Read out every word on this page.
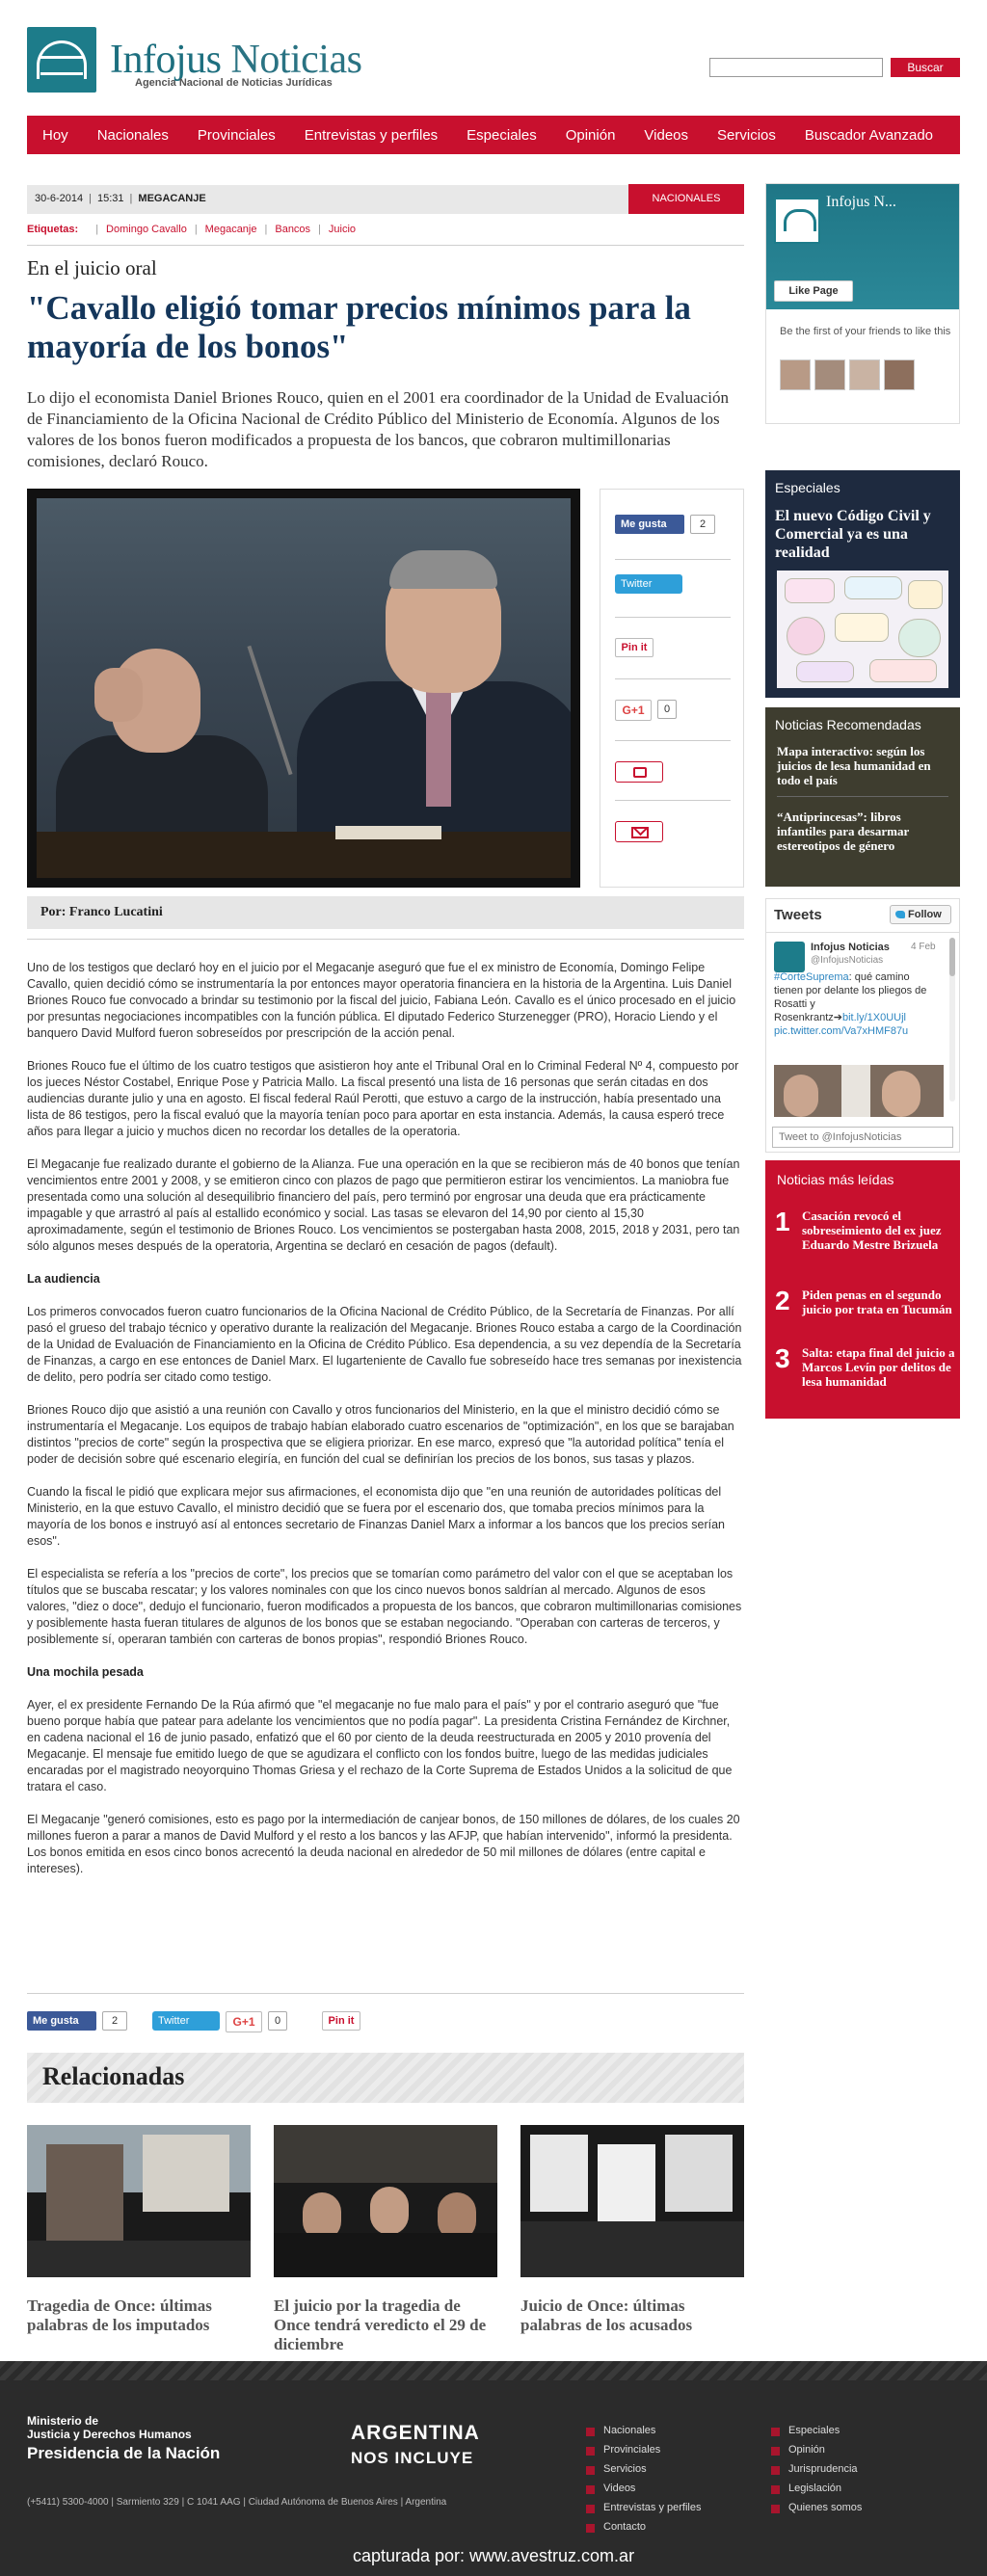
Infojus Noticias
Agencia Nacional de Noticias Jurídicas
Buscar
Hoy Nacionales Provinciales Entrevistas y perfiles Especiales Opinión Videos Servicios Buscador Avanzado
30-6-2014 | 15:31 | MEGACANJE	NACIONALES
Etiquetas: | Domingo Cavallo | Megacanje | Bancos | Juicio
En el juicio oral
"Cavallo eligió tomar precios mínimos para la mayoría de los bonos"
Lo dijo el economista Daniel Briones Rouco, quien en el 2001 era coordinador de la Unidad de Evaluación de Financiamiento de la Oficina Nacional de Crédito Público del Ministerio de Economía. Algunos de los valores de los bonos fueron modificados a propuesta de los bancos, que cobraron multimillonarias comisiones, declaró Rouco.
Me gusta	2
Twitter
Pin it
G+1	0
Por: Franco Lucatini

Uno de los testigos que declaró hoy en el juicio por el Megacanje aseguró que fue el ex ministro de Economía, Domingo Felipe Cavallo, quien decidió cómo se instrumentaría la por entonces mayor operatoria financiera en la historia de la Argentina. Luis Daniel Briones Rouco fue convocado a brindar su testimonio por la fiscal del juicio, Fabiana León. Cavallo es el único procesado en el juicio por presuntas negociaciones incompatibles con la función pública. El diputado Federico Sturzenegger (PRO), Horacio Liendo y el banquero David Mulford fueron sobreseídos por prescripción de la acción penal.

Briones Rouco fue el último de los cuatro testigos que asistieron hoy ante el Tribunal Oral en lo Criminal Federal Nº 4, compuesto por los jueces Néstor Costabel, Enrique Pose y Patricia Mallo. La fiscal presentó una lista de 16 personas que serán citadas en dos audiencias durante julio y una en agosto. El fiscal federal Raúl Perotti, que estuvo a cargo de la instrucción, había presentado una lista de 86 testigos, pero la fiscal evaluó que la mayoría tenían poco para aportar en esta instancia. Además, la causa esperó trece años para llegar a juicio y muchos dicen no recordar los detalles de la operatoria.

El Megacanje fue realizado durante el gobierno de la Alianza. Fue una operación en la que se recibieron más de 40 bonos que tenían vencimientos entre 2001 y 2008, y se emitieron cinco con plazos de pago que permitieron estirar los vencimientos. La maniobra fue presentada como una solución al desequilibrio financiero del país, pero terminó por engrosar una deuda que era prácticamente impagable y que arrastró al país al estallido económico y social. Las tasas se elevaron del 14,90 por ciento al 15,30 aproximadamente, según el testimonio de Briones Rouco. Los vencimientos se postergaban hasta 2008, 2015, 2018 y 2031, pero tan sólo algunos meses después de la operatoria, Argentina se declaró en cesación de pagos (default).

La audiencia

Los primeros convocados fueron cuatro funcionarios de la Oficina Nacional de Crédito Público, de la Secretaría de Finanzas. Por allí pasó el grueso del trabajo técnico y operativo durante la realización del Megacanje. Briones Rouco estaba a cargo de la Coordinación de la Unidad de Evaluación de Financiamiento en la Oficina de Crédito Público. Esa dependencia, a su vez dependía de la Secretaría de Finanzas, a cargo en ese entonces de Daniel Marx. El lugarteniente de Cavallo fue sobreseído hace tres semanas por inexistencia de delito, pero podría ser citado como testigo.

Briones Rouco dijo que asistió a una reunión con Cavallo y otros funcionarios del Ministerio, en la que el ministro decidió cómo se instrumentaría el Megacanje. Los equipos de trabajo habían elaborado cuatro escenarios de "optimización", en los que se barajaban distintos "precios de corte" según la prospectiva que se eligiera priorizar. En ese marco, expresó que "la autoridad política" tenía el poder de decisión sobre qué escenario elegiría, en función del cual se definirían los precios de los bonos, sus tasas y plazos.

Cuando la fiscal le pidió que explicara mejor sus afirmaciones, el economista dijo que "en una reunión de autoridades políticas del Ministerio, en la que estuvo Cavallo, el ministro decidió que se fuera por el escenario dos, que tomaba precios mínimos para la mayoría de los bonos e instruyó así al entonces secretario de Finanzas Daniel Marx a informar a los bancos que los precios serían esos".

El especialista se refería a los "precios de corte", los precios que se tomarían como parámetro del valor con el que se aceptaban los títulos que se buscaba rescatar; y los valores nominales con que los cinco nuevos bonos saldrían al mercado. Algunos de esos valores, "diez o doce", dedujo el funcionario, fueron modificados a propuesta de los bancos, que cobraron multimillonarias comisiones y posiblemente hasta fueran titulares de algunos de los bonos que se estaban negociando. "Operaban con carteras de terceros, y posiblemente sí, operaran también con carteras de bonos propias", respondió Briones Rouco.

Una mochila pesada

Ayer, el ex presidente Fernando De la Rúa afirmó que "el megacanje no fue malo para el país" y por el contrario aseguró que "fue bueno porque había que patear para adelante los vencimientos que no podía pagar". La presidenta Cristina Fernández de Kirchner, en cadena nacional el 16 de junio pasado, enfatizó que el 60 por ciento de la deuda reestructurada en 2005 y 2010 provenía del Megacanje. El mensaje fue emitido luego de que se agudizara el conflicto con los fondos buitre, luego de las medidas judiciales encaradas por el magistrado neoyorquino Thomas Griesa y el rechazo de la Corte Suprema de Estados Unidos a la solicitud de que tratara el caso.

El Megacanje "generó comisiones, esto es pago por la intermediación de canjear bonos, de 150 millones de dólares, de los cuales 20 millones fueron a parar a manos de David Mulford y el resto a los bancos y las AFJP, que habían intervenido", informó la presidenta. Los bonos emitida en esos cinco bonos acrecentó la deuda nacional en alrededor de 50 mil millones de dólares (entre capital e intereses).

Me gusta	2	Twitter	G+1	0	Pin it
Relacionadas
Tragedia de Once: últimas palabras de los imputados
El juicio por la tragedia de Once tendrá veredicto el 29 de diciembre
Juicio de Once: últimas palabras de los acusados
Infojus N...
Like Page
Be the first of your friends to like this
Especiales
El nuevo Código Civil y Comercial ya es una realidad
Noticias Recomendadas
Mapa interactivo: según los juicios de lesa humanidad en todo el país
“Antiprincesas”: libros infantiles para desarmar estereotipos de género
Tweets	Follow
Infojus Noticias
@InfojusNoticias
4 Feb
#CorteSuprema: qué camino tienen por delante los pliegos de Rosatti y Rosenkrantz➔bit.ly/1X0UUjl
pic.twitter.com/Va7xHMF87u
Tweet to @InfojusNoticias
Noticias más leídas
1 Casación revocó el sobreseimiento del ex juez Eduardo Mestre Brizuela
2 Piden penas en el segundo juicio por trata en Tucumán
3 Salta: etapa final del juicio a Marcos Levín por delitos de lesa humanidad
Ministerio de
Justicia y Derechos Humanos
Presidencia de la Nación
(+5411) 5300-4000 | Sarmiento 329 | C 1041 AAG | Ciudad Autónoma de Buenos Aires | Argentina
ARGENTINA
NOS INCLUYE
Nacionales
Provinciales
Servicios
Videos
Entrevistas y perfiles
Contacto
Especiales
Opinión
Jurisprudencia
Legislación
Quienes somos
capturada por: www.avestruz.com.ar
